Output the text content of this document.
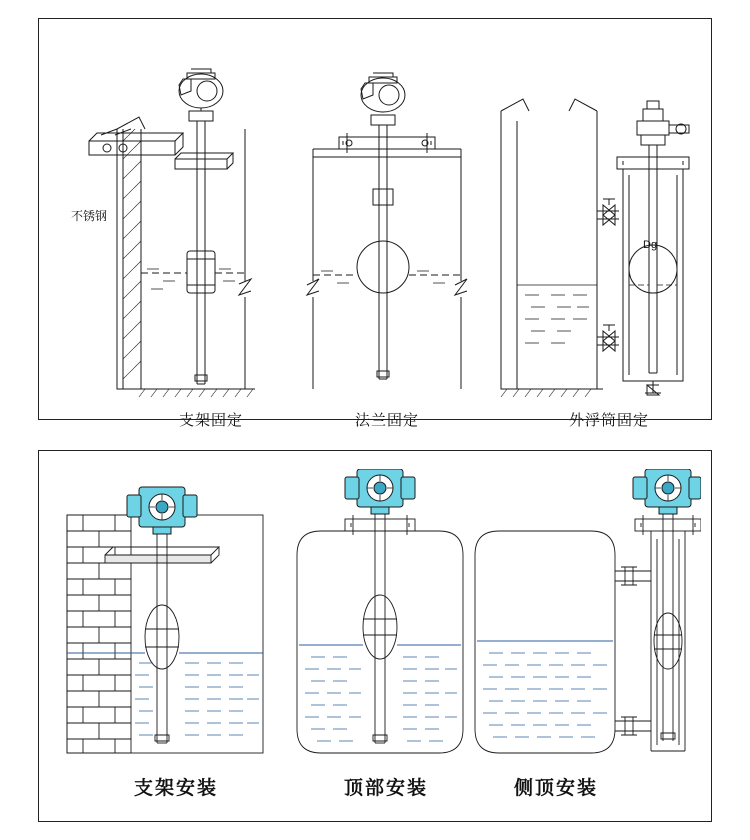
不锈钢
支架固定	法兰固定
Dg
外浮筒固定
支架安装	顶部安装	侧顶安装
